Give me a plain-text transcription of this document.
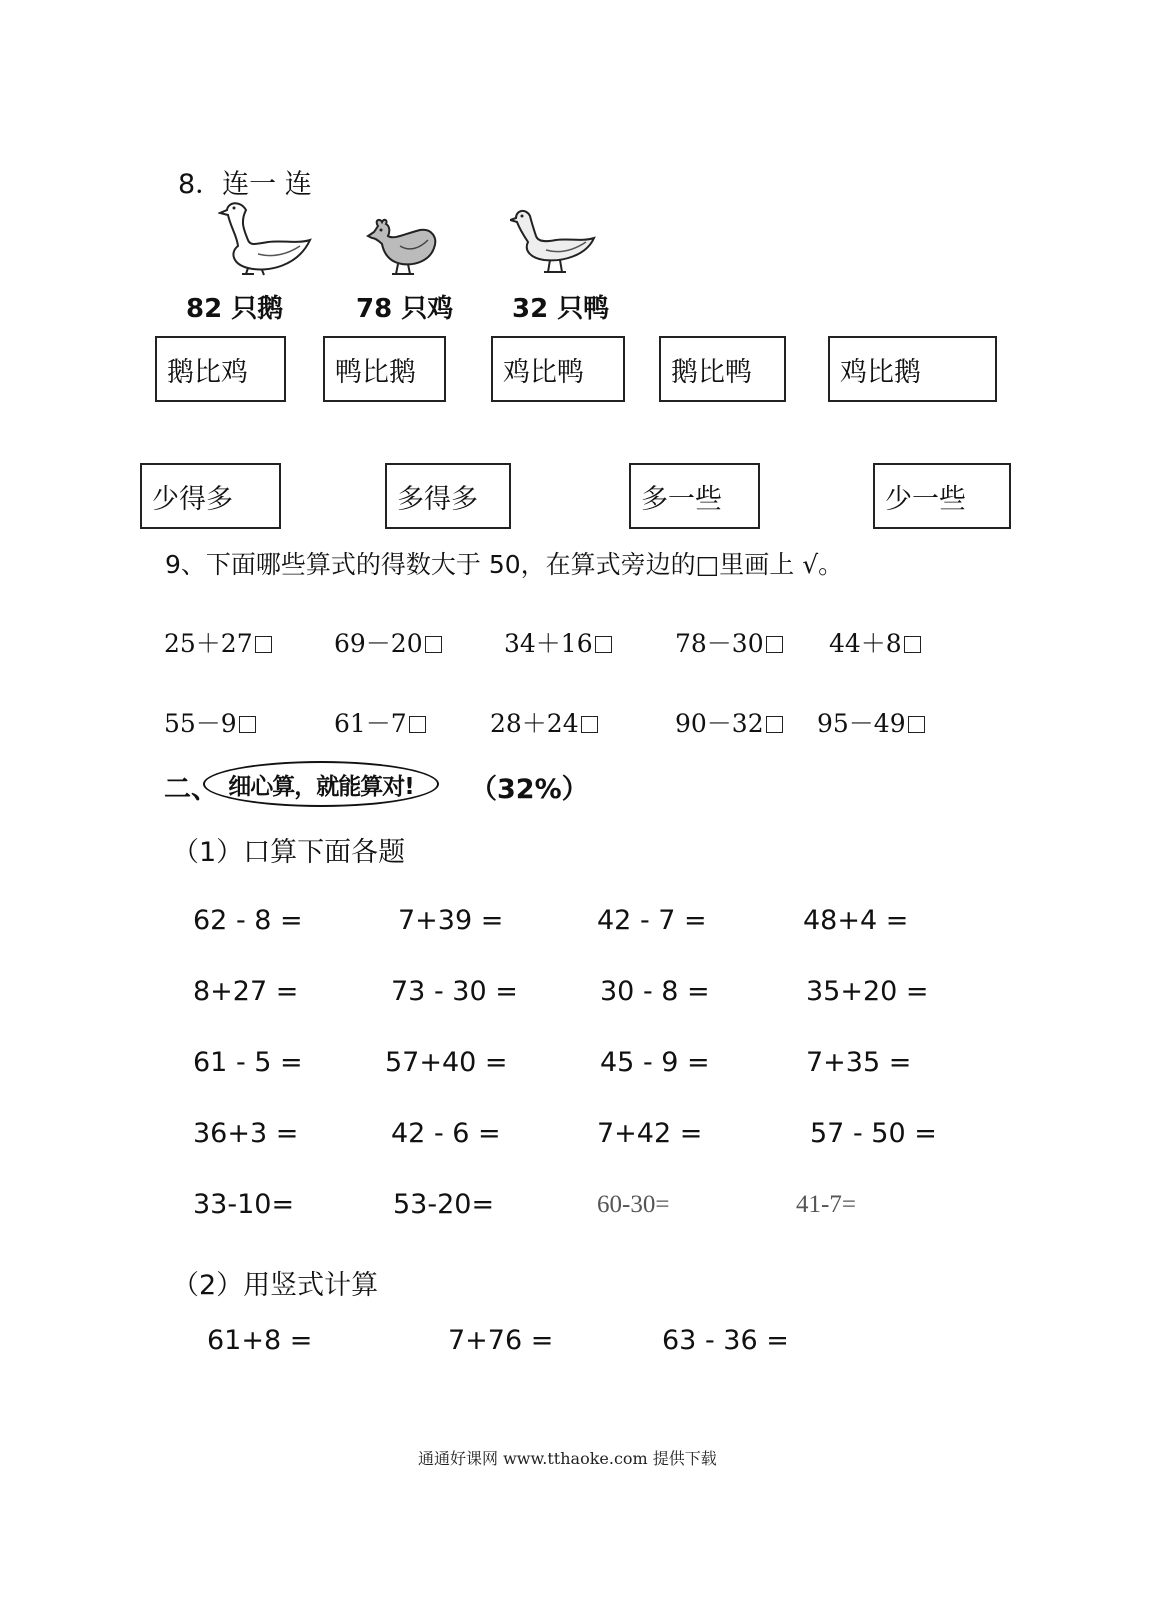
8．连一 连
82 只鹅	78 只鸡 32 只鸭
鹅比鸡	鸭比鹅	鸡比鸭	鹅比鸭	鸡比鹅
少得多	多得多	多一些	少一些
9、下面哪些算式的得数大于 50，在算式旁边的□里画上 √。
25＋27	69－20	34＋16	78－30	44＋8
55－9	61－7	28＋24	90－32	95－49
二、 细心算，就能算对! （32%）
（1）口算下面各题
62 - 8 =	7+39 =	42 - 7 =	48+4 =
8+27 =	73 - 30 =	30 - 8 =	35+20 =
61 - 5 =	57+40 =	45 - 9 =	7+35 =
36+3 =	42 - 6 =	7+42 =	57 - 50 =
33-10=	53-20=	60-30=	41-7=
（2）用竖式计算
61+8 =	7+76 =	63 - 36 =
通通好课网 www.tthaoke.com 提供下载
